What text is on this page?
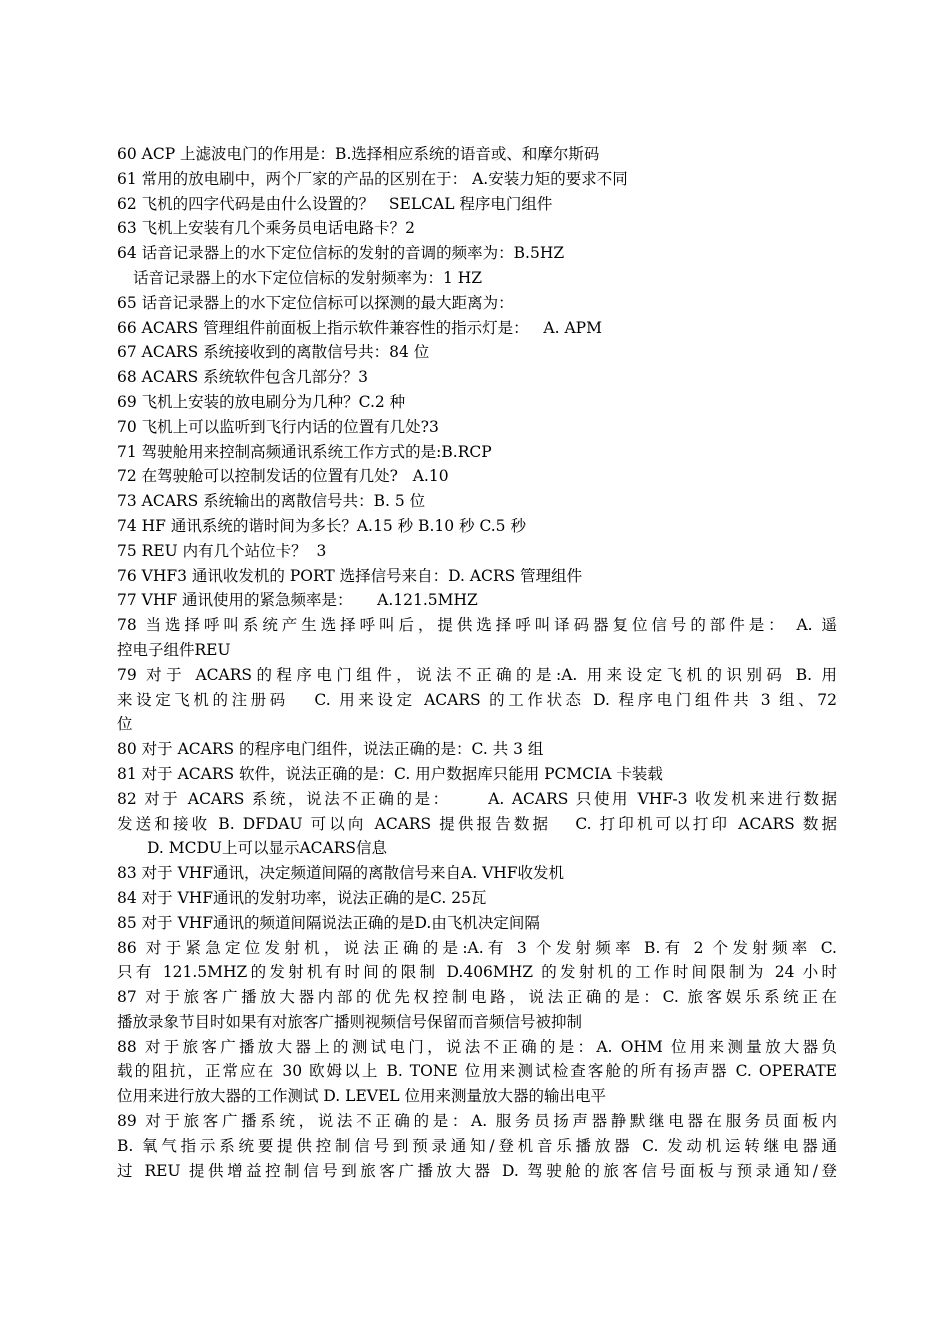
60 ACP 上滤波电门的作用是：B.选择相应系统的语音或、和摩尔斯码
61 常用的放电刷中，两个厂家的产品的区别在于： A.安装力矩的要求不同
62 飞机的四字代码是由什么设置的？   SELCAL 程序电门组件
63 飞机上安装有几个乘务员电话电路卡？2
64 话音记录器上的水下定位信标的发射的音调的频率为：B.5HZ
话音记录器上的水下定位信标的发射频率为：1 HZ
65 话音记录器上的水下定位信标可以探测的最大距离为：
66 ACARS 管理组件前面板上指示软件兼容性的指示灯是：   A. APM
67 ACARS 系统接收到的离散信号共：84 位
68 ACARS 系统软件包含几部分？3
69 飞机上安装的放电刷分为几种？C.2 种
70 飞机上可以监听到飞行内话的位置有几处?3
71 驾驶舱用来控制高频通讯系统工作方式的是:B.RCP
72 在驾驶舱可以控制发话的位置有几处?   A.10
73 ACARS 系统输出的离散信号共：B. 5 位
74 HF 通讯系统的谐时间为多长？A.15 秒 B.10 秒 C.5 秒
75 REU 内有几个站位卡？  3
76 VHF3 通讯收发机的 PORT 选择信号来自：D. ACRS 管理组件
77 VHF 通讯使用的紧急频率是：     A.121.5MHZ
78 当选择呼叫系统产生选择呼叫后，提供选择呼叫译码器复位信号的部件是： A. 遥
控电子组件REU
79 对于 ACARS的程序电门组件，说法不正确的是:A. 用来设定飞机的识别码 B. 用
来设定飞机的注册码   C. 用来设定 ACARS 的工作状态 D. 程序电门组件共 3 组、72
位
80 对于 ACARS 的程序电门组件，说法正确的是：C. 共 3 组
81 对于 ACARS 软件，说法正确的是：C. 用户数据库只能用 PCMCIA 卡装载
82 对于 ACARS 系统，说法不正确的是：     A. ACARS 只使用 VHF-3 收发机来进行数据
发送和接收 B. DFDAU 可以向 ACARS 提供报告数据   C. 打印机可以打印 ACARS 数据
D. MCDU上可以显示ACARS信息
83 对于 VHF通讯，决定频道间隔的离散信号来自A. VHF收发机
84 对于 VHF通讯的发射功率，说法正确的是C. 25瓦
85 对于 VHF通讯的频道间隔说法正确的是D.由飞机决定间隔
86 对于紧急定位发射机，说法正确的是:A.有 3 个发射频率 B.有 2 个发射频率 C.
只有 121.5MHZ的发射机有时间的限制 D.406MHZ 的发射机的工作时间限制为 24 小时
87 对于旅客广播放大器内部的优先权控制电路，说法正确的是：C. 旅客娱乐系统正在
播放录象节目时如果有对旅客广播则视频信号保留而音频信号被抑制
88 对于旅客广播放大器上的测试电门，说法不正确的是：A. OHM 位用来测量放大器负
载的阻抗，正常应在 30 欧姆以上 B. TONE 位用来测试检查客舱的所有扬声器 C. OPERATE
位用来进行放大器的工作测试 D. LEVEL 位用来测量放大器的输出电平
89 对于旅客广播系统，说法不正确的是：A. 服务员扬声器静默继电器在服务员面板内
B. 氧气指示系统要提供控制信号到预录通知/登机音乐播放器 C. 发动机运转继电器通
过 REU 提供增益控制信号到旅客广播放大器 D. 驾驶舱的旅客信号面板与预录通知/登
